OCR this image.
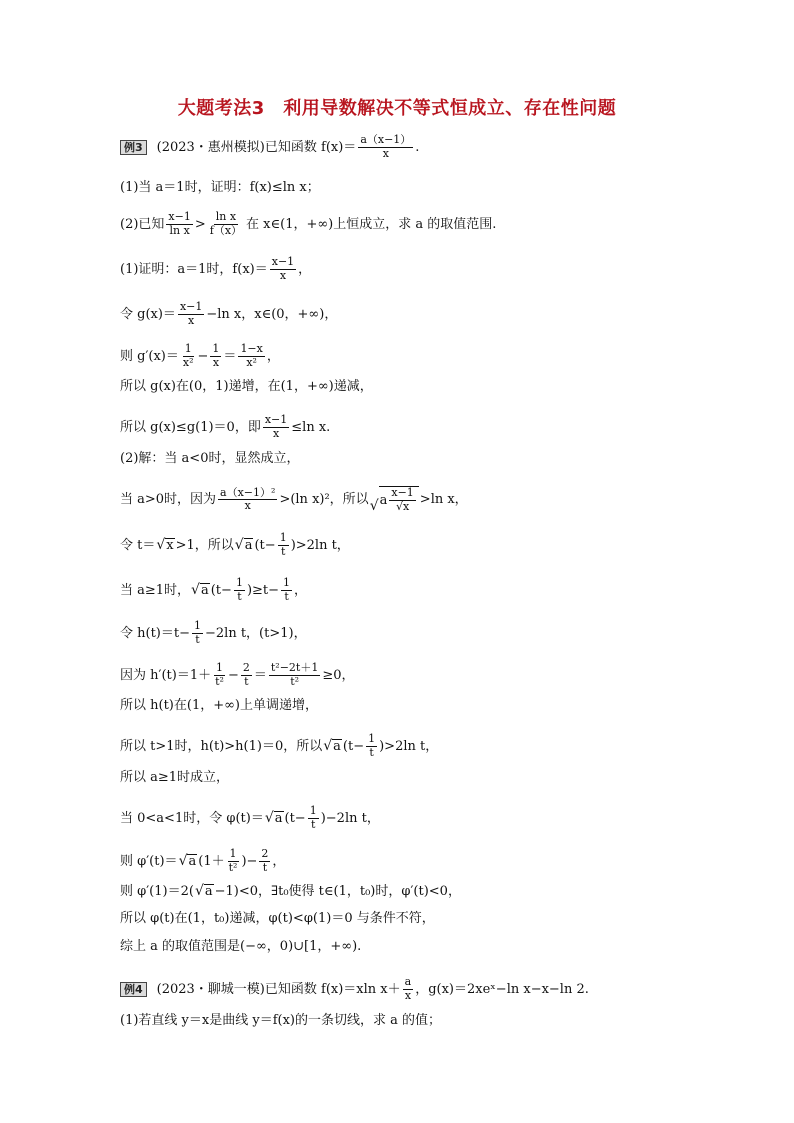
大题考法3　利用导数解决不等式恒成立、存在性问题
例3	(2023・惠州模拟)已知函数 $f(x)= \frac{a(x-1)}{x}$ .
(1)当 a＝1时，证明：f(x)≤ln x；
(2)已知 $\frac{x-1}{\text{ln x}} > \frac{\text{ln x}}{f(x)}$ 在 x∈(1，+∞)上恒成立，求 a 的取值范围.
(1)证明：a＝1时，$f(x)= \frac{x-1}{x}$ ，
令 $g(x)= \frac{x-1}{x} -\ln$ x，x∈(0，+∞)，
则 $g'(x)= \frac{1}{\text{x²}} - \frac{1}{x} = \frac{1-x}{\text{x²}}$ ，
所以 g(x)在(0，1)递增，在(1，+∞)递减，
所以 g(x)≤g(1)＝0，即 $\frac{x-1}{x} \le\ln$ x.
(2)解：当 a<0时，显然成立，
当 a>0时，因为 $\frac{\text{a（x−1）²}}{x} >(\ln$ x)²，所以 √ a $\frac{x-1}{√x} >\ln$ x，
令 t＝ √ x >1，所以 √ a $(t- \frac{1}{t} )>2\ln$ t，
当 a≥1时， √ a $(t- \frac{1}{t} )\ge t- \frac{1}{t}$ ，
令 $h(t)=t- \frac{1}{t} -2\ln$ t，(t>1)，
因为 $h'(t)=1+ \frac{1}{\text{t²}} - \frac{2}{t} = \frac{\text{t²−2t＋1}}{\text{t²}} \ge 0$，
所以 h(t)在(1，+∞)上单调递增，
所以 t>1时，h(t)>h(1)＝0，所以 √ a $(t- \frac{1}{t} )>2\ln$ t，
所以 a≥1时成立，
当 0<a<1时，令 φ(t)＝ √ a $(t- \frac{1}{t} )-2\ln$ t，
则 φ′(t)＝ √ a ($1+ \frac{1}{\text{t²}}$ )− $\frac{2}{t}$ ，
则 φ′(1)＝2( √ a −1)<0，∃t₀使得 t∈(1，t₀)时，φ′(t)<0，
所以 φ(t)在(1，t₀)递减，φ(t)<φ(1)＝0 与条件不符，
综上 a 的取值范围是(−∞，0)∪[1，+∞).
例4	(2023・聊城一模)已知函数 f(x)＝xln $x+ \frac{a}{x}$ ，g(x)＝2xeˣ−ln x−x−ln 2.
(1)若直线 y＝x是曲线 y＝f(x)的一条切线，求 a 的值；
